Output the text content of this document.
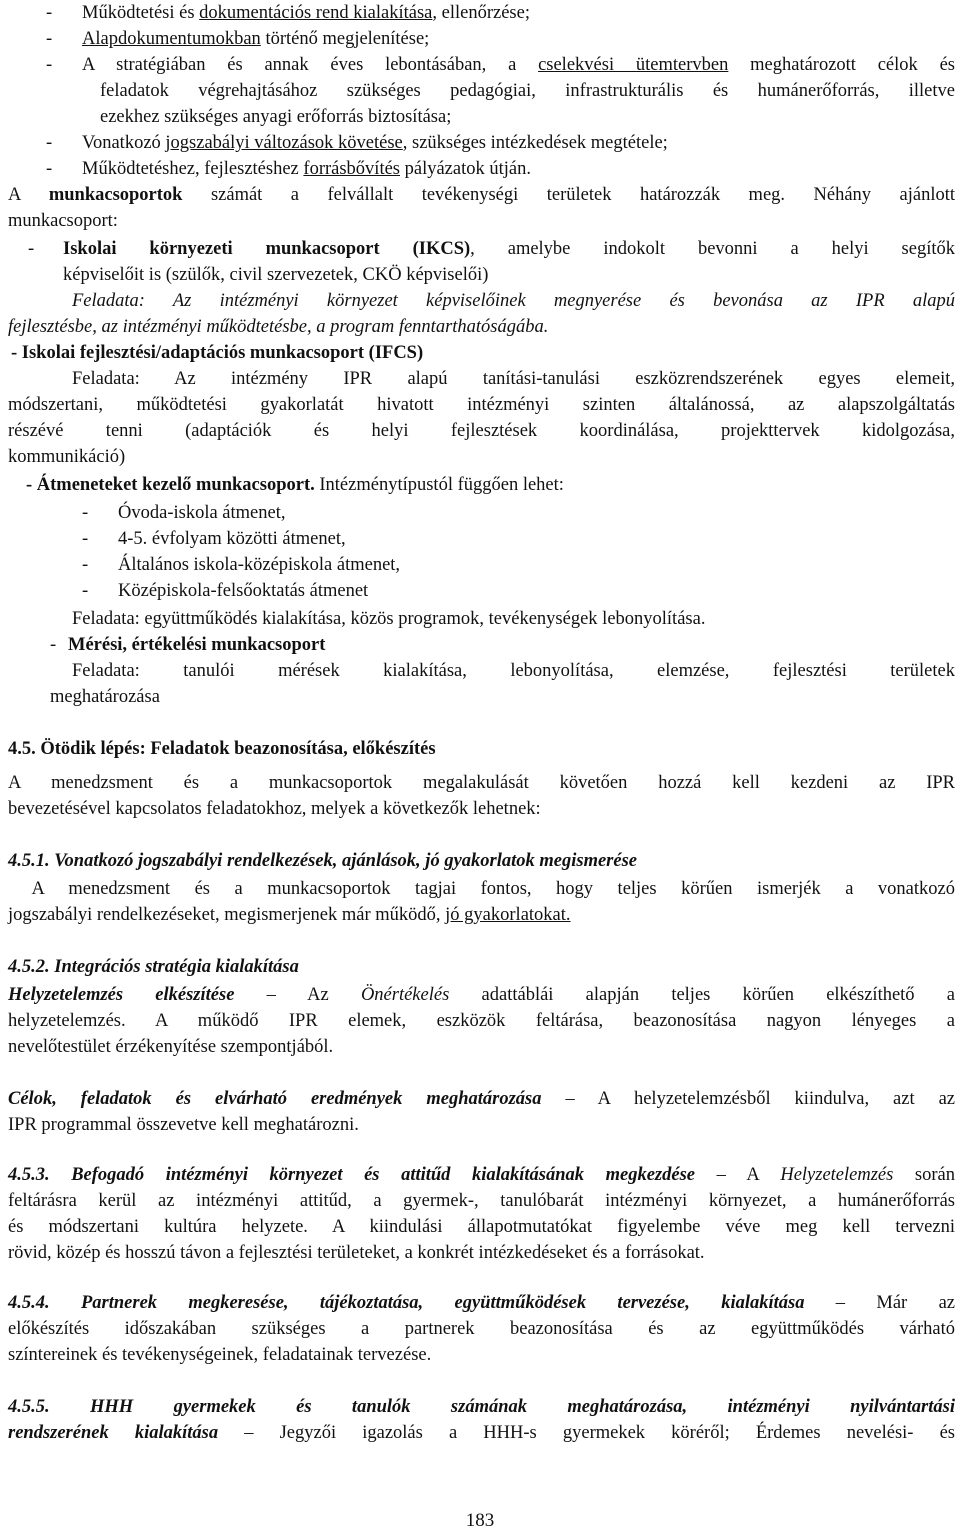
- Működtetési és dokumentációs rend kialakítása, ellenőrzése;
- Alapdokumentumokban történő megjelenítése;
- A stratégiában és annak éves lebontásában, a cselekvési ütemtervben meghatározott célok és
feladatok végrehajtásához szükséges pedagógiai, infrastrukturális és humánerőforrás, illetve
ezekhez szükséges anyagi erőforrás biztosítása;
- Vonatkozó jogszabályi változások követése, szükséges intézkedések megtétele;
- Működtetéshez, fejlesztéshez forrásbővítés pályázatok útján.
A munkacsoportok számát a felvállalt tevékenységi területek határozzák meg. Néhány ajánlott
munkacsoport:
- Iskolai környezeti munkacsoport (IKCS), amelybe indokolt bevonni a helyi segítők
képviselőit is (szülők, civil szervezetek, CKÖ képviselői)
Feladata: Az intézményi környezet képviselőinek megnyerése és bevonása az IPR alapú
fejlesztésbe, az intézményi működtetésbe, a program fenntarthatóságába.
- Iskolai fejlesztési/adaptációs munkacsoport (IFCS)
Feladata: Az intézmény IPR alapú tanítási-tanulási eszközrendszerének egyes elemeit,
módszertani, működtetési gyakorlatát hivatott intézményi szinten általánossá, az alapszolgáltatás
részévé tenni (adaptációk és helyi fejlesztések koordinálása, projekttervek kidolgozása,
kommunikáció)
- Átmeneteket kezelő munkacsoport. Intézménytípustól függően lehet:
- Óvoda-iskola átmenet,
- 4-5. évfolyam közötti átmenet,
- Általános iskola-középiskola átmenet,
- Középiskola-felsőoktatás átmenet
Feladata: együttműködés kialakítása, közös programok, tevékenységek lebonyolítása.
- Mérési, értékelési munkacsoport
Feladata: tanulói mérések kialakítása, lebonyolítása, elemzése, fejlesztési területek
meghatározása
4.5. Ötödik lépés: Feladatok beazonosítása, előkészítés
A menedzsment és a munkacsoportok megalakulását követően hozzá kell kezdeni az IPR
bevezetésével kapcsolatos feladatokhoz, melyek a következők lehetnek:
4.5.1. Vonatkozó jogszabályi rendelkezések, ajánlások, jó gyakorlatok megismerése
A menedzsment és a munkacsoportok tagjai fontos, hogy teljes körűen ismerjék a vonatkozó
jogszabályi rendelkezéseket, megismerjenek már működő, jó gyakorlatokat.
4.5.2. Integrációs stratégia kialakítása
Helyzetelemzés elkészítése – Az Önértékelés adattáblái alapján teljes körűen elkészíthető a
helyzetelemzés. A működő IPR elemek, eszközök feltárása, beazonosítása nagyon lényeges a
nevelőtestület érzékenyítése szempontjából.
Célok, feladatok és elvárható eredmények meghatározása – A helyzetelemzésből kiindulva, azt az
IPR programmal összevetve kell meghatározni.
4.5.3. Befogadó intézményi környezet és attitűd kialakításának megkezdése – A Helyzetelemzés során
feltárásra kerül az intézményi attitűd, a gyermek-, tanulóbarát intézményi környezet, a humánerőforrás
és módszertani kultúra helyzete. A kiindulási állapotmutatókat figyelembe véve meg kell tervezni
rövid, közép és hosszú távon a fejlesztési területeket, a konkrét intézkedéseket és a forrásokat.
4.5.4. Partnerek megkeresése, tájékoztatása, együttműködések tervezése, kialakítása – Már az
előkészítés időszakában szükséges a partnerek beazonosítása és az együttműködés várható
színtereinek és tevékenységeinek, feladatainak tervezése.
4.5.5. HHH gyermekek és tanulók számának meghatározása, intézményi nyilvántartási
rendszerének kialakítása – Jegyzői igazolás a HHH-s gyermekek köréről; Érdemes nevelési- és
183
